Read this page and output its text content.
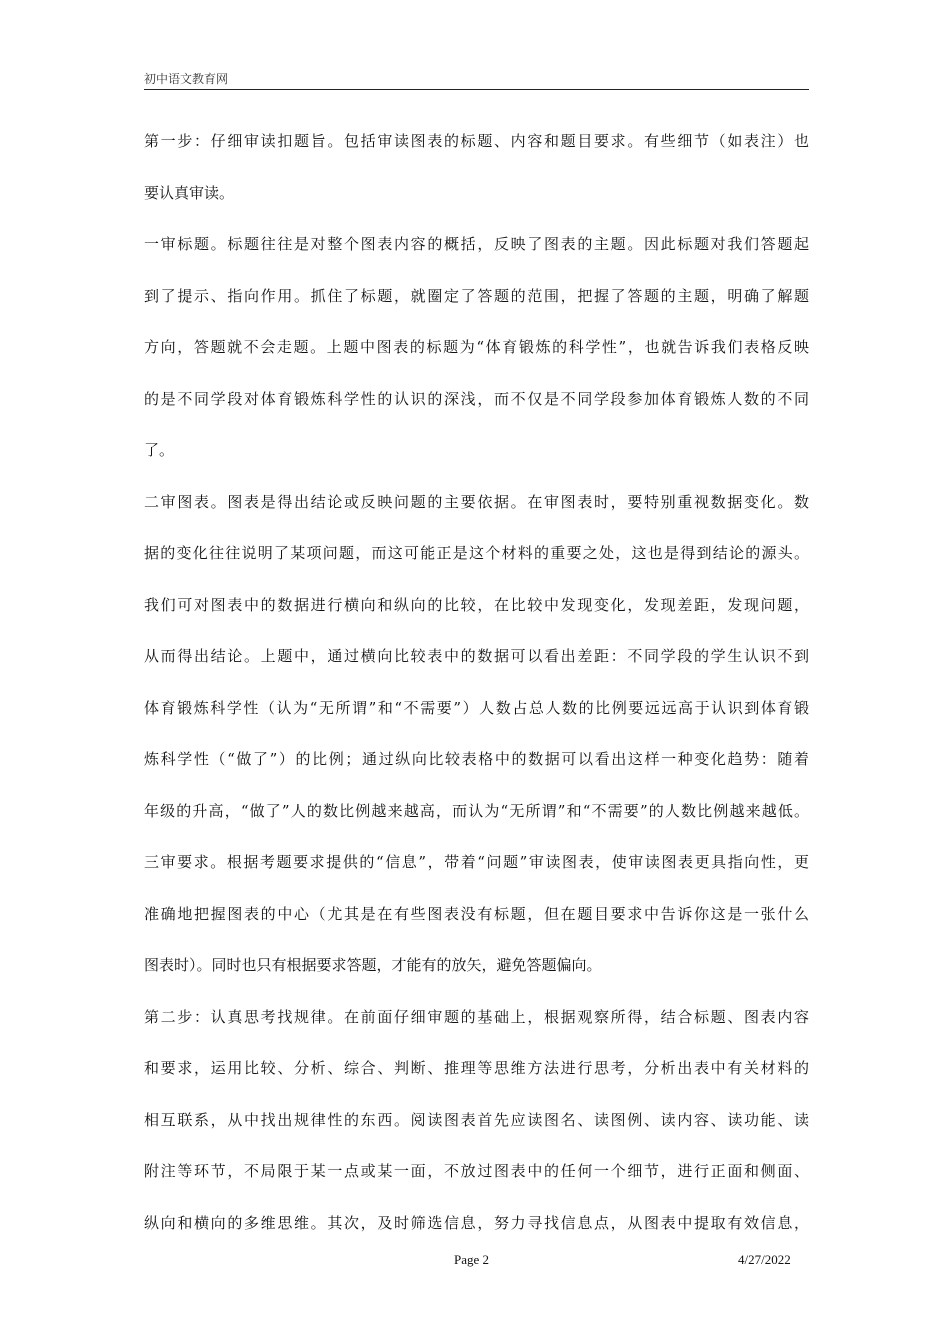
初中语文教育网
第一步：仔细审读扣题旨。包括审读图表的标题、内容和题目要求。有些细节（如表注）也
要认真审读。
一审标题。标题往往是对整个图表内容的概括，反映了图表的主题。因此标题对我们答题起
到了提示、指向作用。抓住了标题，就圈定了答题的范围，把握了答题的主题，明确了解题
方向，答题就不会走题。上题中图表的标题为“体育锻炼的科学性”，也就告诉我们表格反映
的是不同学段对体育锻炼科学性的认识的深浅，而不仅是不同学段参加体育锻炼人数的不同
了。
二审图表。图表是得出结论或反映问题的主要依据。在审图表时，要特别重视数据变化。数
据的变化往往说明了某项问题，而这可能正是这个材料的重要之处，这也是得到结论的源头。
我们可对图表中的数据进行横向和纵向的比较，在比较中发现变化，发现差距，发现问题，
从而得出结论。上题中，通过横向比较表中的数据可以看出差距：不同学段的学生认识不到
体育锻炼科学性（认为“无所谓”和“不需要”）人数占总人数的比例要远远高于认识到体育锻
炼科学性（“做了”）的比例；通过纵向比较表格中的数据可以看出这样一种变化趋势：随着
年级的升高，“做了”人的数比例越来越高，而认为“无所谓”和“不需要”的人数比例越来越低。
三审要求。根据考题要求提供的“信息”，带着“问题”审读图表，使审读图表更具指向性，更
准确地把握图表的中心（尤其是在有些图表没有标题，但在题目要求中告诉你这是一张什么
图表时）。同时也只有根据要求答题，才能有的放矢，避免答题偏向。
第二步：认真思考找规律。在前面仔细审题的基础上，根据观察所得，结合标题、图表内容
和要求，运用比较、分析、综合、判断、推理等思维方法进行思考，分析出表中有关材料的
相互联系，从中找出规律性的东西。阅读图表首先应读图名、读图例、读内容、读功能、读
附注等环节，不局限于某一点或某一面，不放过图表中的任何一个细节，进行正面和侧面、
纵向和横向的多维思维。其次，及时筛选信息，努力寻找信息点，从图表中提取有效信息，
Page 2	4/27/2022
